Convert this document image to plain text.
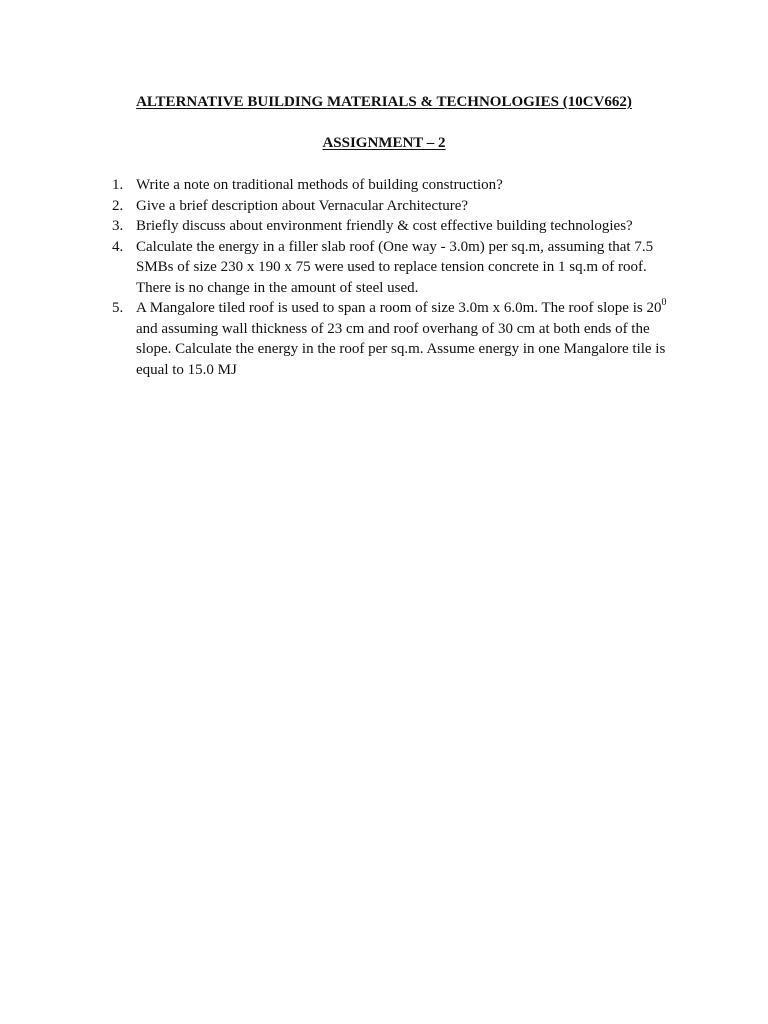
ALTERNATIVE BUILDING MATERIALS & TECHNOLOGIES (10CV662)
ASSIGNMENT – 2
1. Write a note on traditional methods of building construction?
2. Give a brief description about Vernacular Architecture?
3. Briefly discuss about environment friendly & cost effective building technologies?
4. Calculate the energy in a filler slab roof (One way - 3.0m) per sq.m, assuming that 7.5 SMBs of size 230 x 190 x 75 were used to replace tension concrete in 1 sq.m of roof. There is no change in the amount of steel used.
5. A Mangalore tiled roof is used to span a room of size 3.0m x 6.0m. The roof slope is $20^0$ and assuming wall thickness of 23 cm and roof overhang of 30 cm at both ends of the slope. Calculate the energy in the roof per sq.m. Assume energy in one Mangalore tile is equal to 15.0 MJ
